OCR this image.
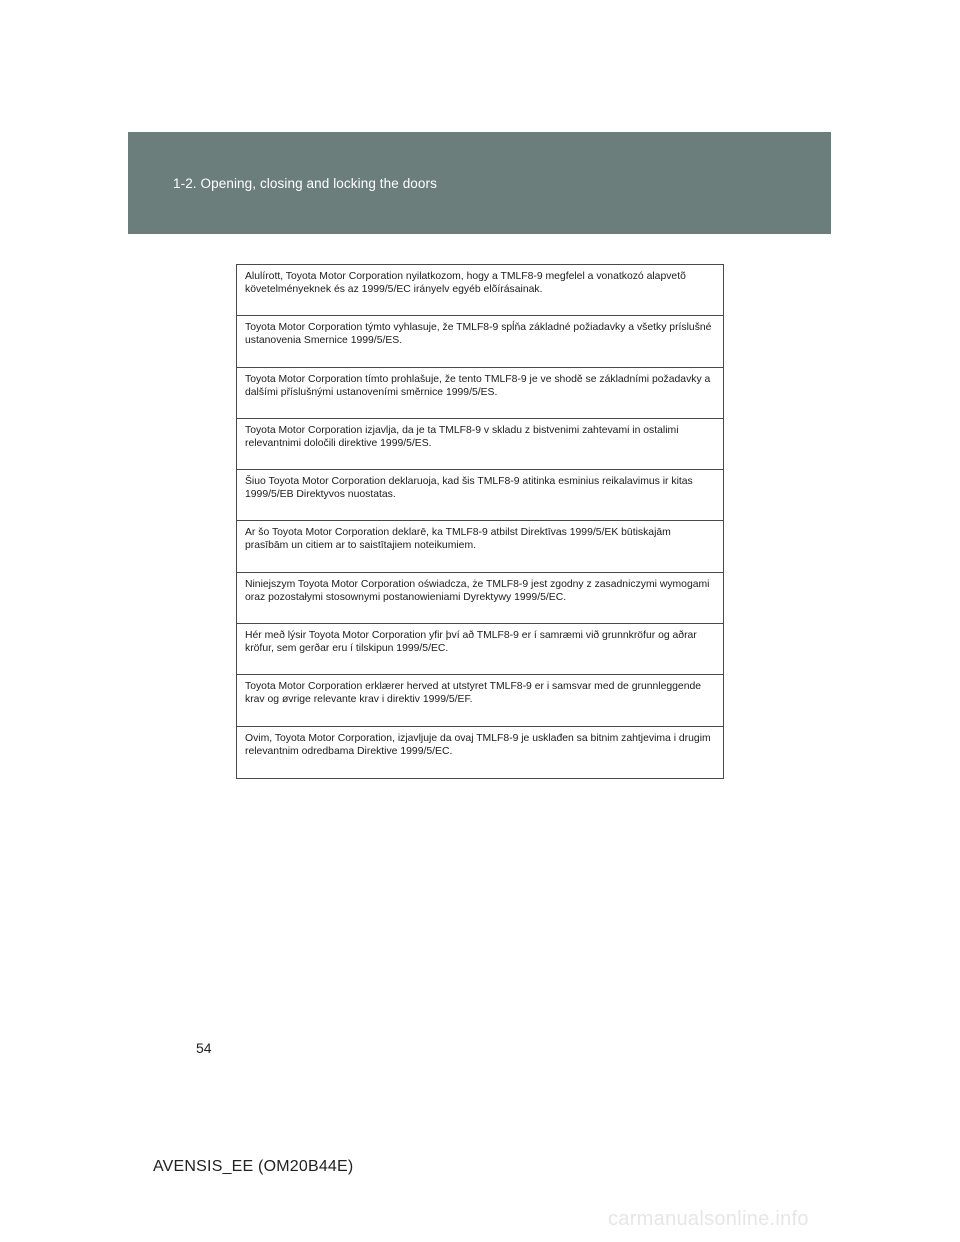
1-2. Opening, closing and locking the doors
Alulírott, Toyota Motor Corporation nyilatkozom, hogy a TMLF8-9 megfelel a vonatkozó alapvetõ követelményeknek és az 1999/5/EC irányelv egyéb elõírásainak.
Toyota Motor Corporation týmto vyhlasuje, že TMLF8-9 spĺňa základné požiadavky a všetky príslušné ustanovenia Smernice 1999/5/ES.
Toyota Motor Corporation tímto prohlašuje, že tento TMLF8-9 je ve shodě se základními požadavky a dalšími příslušnými ustanoveními směrnice 1999/5/ES.
Toyota Motor Corporation izjavlja, da je ta TMLF8-9 v skladu z bistvenimi zahtevami in ostalimi relevantnimi določili direktive 1999/5/ES.
Šiuo Toyota Motor Corporation deklaruoja, kad šis TMLF8-9 atitinka esminius reikalavimus ir kitas 1999/5/EB Direktyvos nuostatas.
Ar šo Toyota Motor Corporation deklarē, ka TMLF8-9 atbilst Direktīvas 1999/5/EK būtiskajām prasībām un citiem ar to saistītajiem noteikumiem.
Niniejszym Toyota Motor Corporation oświadcza, że TMLF8-9 jest zgodny z zasadniczymi wymogami oraz pozostałymi stosownymi postanowieniami Dyrektywy 1999/5/EC.
Hér með lýsir Toyota Motor Corporation yfir því að TMLF8-9 er í samræmi við grunnkröfur og aðrar kröfur, sem gerðar eru í tilskipun 1999/5/EC.
Toyota Motor Corporation erklærer herved at utstyret TMLF8-9 er i samsvar med de grunnleggende krav og øvrige relevante krav i direktiv 1999/5/EF.
Ovim, Toyota Motor Corporation, izjavljuje da ovaj TMLF8-9 je usklađen sa bitnim zahtjevima i drugim relevantnim odredbama Direktive 1999/5/EC.
54
AVENSIS_EE (OM20B44E)
carmanualsonline.info
